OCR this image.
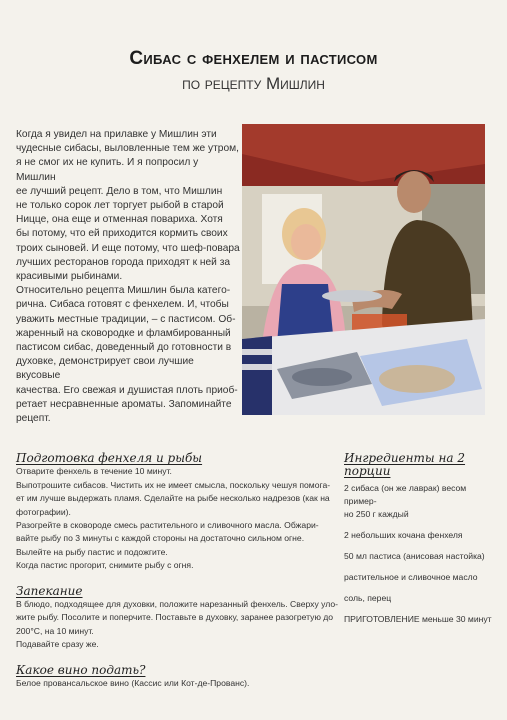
Сибас с фенхелем и пастисом
по рецепту Мишлин

Когда я увидел на прилавке у Мишлин эти
чудесные сибасы, выловленные тем же утром,
я не смог их не купить. И я попросил у Мишлин
ее лучший рецепт. Дело в том, что Мишлин
не только сорок лет торгует рыбой в старой
Ницце, она еще и отменная повариха. Хотя
бы потому, что ей приходится кормить своих
троих сыновей. И еще потому, что шеф-повара
лучших ресторанов города приходят к ней за
красивыми рыбинами.

Относительно рецепта Мишлин была катего-
рична. Сибаса готовят с фенхелем. И, чтобы
уважить местные традиции, – с пастисом. Об-
жаренный на сковородке и фламбированный
пастисом сибас, доведенный до готовности в
духовке, демонстрирует свои лучшие вкусовые
качества. Его свежая и душистая плоть приоб-
ретает несравненные ароматы. Запоминайте
рецепт.

Подготовка фенхеля и рыбы
Отварите фенхель в течение 10 минут.
Выпотрошите сибасов. Чистить их не имеет смысла, поскольку чешуя помога-
ет им лучше выдержать пламя. Сделайте на рыбе несколько надрезов (как на
фотографии).
Разогрейте в сковороде смесь растительного и сливочного масла. Обжари-
вайте рыбу по 3 минуты с каждой стороны на достаточно сильном огне.
Вылейте на рыбу пастис и подожгите.
Когда пастис прогорит, снимите рыбу с огня.
Запекание
В блюдо, подходящее для духовки, положите нарезанный фенхель. Сверху уло-
жите рыбу. Посолите и поперчите. Поставьте в духовку, заранее разогретую до
200°С, на 10 минут.
Подавайте сразу же.
Какое вино подать?
Белое провансальское вино (Кассис или Кот-де-Прованс).
Ингредиенты на 2 порции
2 сибаса (он же лаврак) весом пример-
но 250 г каждый
2 небольших кочана фенхеля
50 мл пастиса (анисовая настойка)
растительное и сливочное масло
соль, перец
ПРИГОТОВЛЕНИЕ меньше 30 минут
